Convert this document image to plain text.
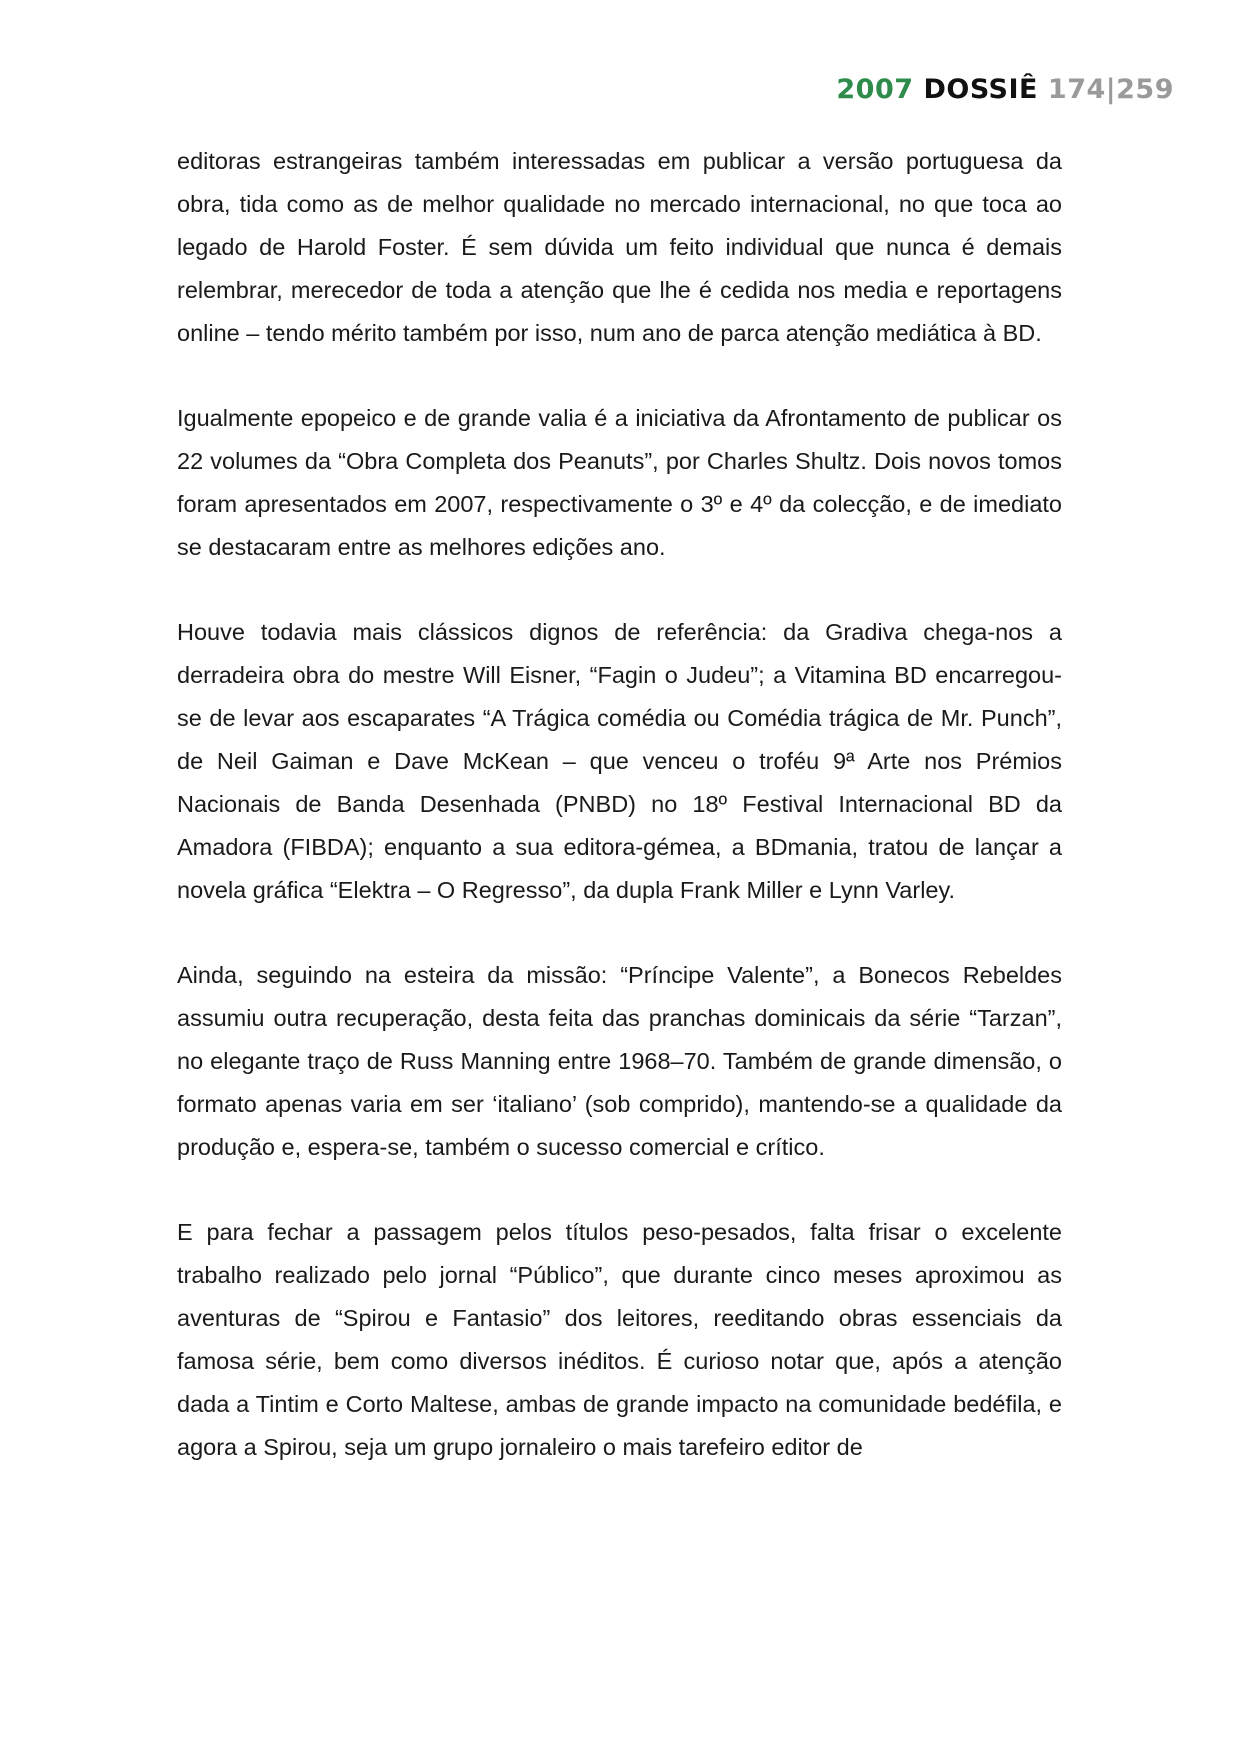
2007 DOSSIÊ 174|259

editoras estrangeiras também interessadas em publicar a versão portuguesa da obra, tida como as de melhor qualidade no mercado internacional, no que toca ao legado de Harold Foster. É sem dúvida um feito individual que nunca é demais relembrar, merecedor de toda a atenção que lhe é cedida nos media e reportagens online – tendo mérito também por isso, num ano de parca atenção mediática à BD.

Igualmente epopeico e de grande valia é a iniciativa da Afrontamento de publicar os 22 volumes da “Obra Completa dos Peanuts”, por Charles Shultz. Dois novos tomos foram apresentados em 2007, respectivamente o 3º e 4º da colecção, e de imediato se destacaram entre as melhores edições ano.

Houve todavia mais clássicos dignos de referência: da Gradiva chega-nos a derradeira obra do mestre Will Eisner, “Fagin o Judeu”; a Vitamina BD encarregou-se de levar aos escaparates “A Trágica comédia ou Comédia trágica de Mr. Punch”, de Neil Gaiman e Dave McKean – que venceu o troféu 9ª Arte nos Prémios Nacionais de Banda Desenhada (PNBD) no 18º Festival Internacional BD da Amadora (FIBDA); enquanto a sua editora-gémea, a BDmania, tratou de lançar a novela gráfica “Elektra – O Regresso”, da dupla Frank Miller e Lynn Varley.

Ainda, seguindo na esteira da missão: “Príncipe Valente”, a Bonecos Rebeldes assumiu outra recuperação, desta feita das pranchas dominicais da série “Tarzan”, no elegante traço de Russ Manning entre 1968–70. Também de grande dimensão, o formato apenas varia em ser ‘italiano’ (sob comprido), mantendo-se a qualidade da produção e, espera-se, também o sucesso comercial e crítico.

E para fechar a passagem pelos títulos peso-pesados, falta frisar o excelente trabalho realizado pelo jornal “Público”, que durante cinco meses aproximou as aventuras de “Spirou e Fantasio” dos leitores, reeditando obras essenciais da famosa série, bem como diversos inéditos. É curioso notar que, após a atenção dada a Tintim e Corto Maltese, ambas de grande impacto na comunidade bedéfila, e agora a Spirou, seja um grupo jornaleiro o mais tarefeiro editor de
